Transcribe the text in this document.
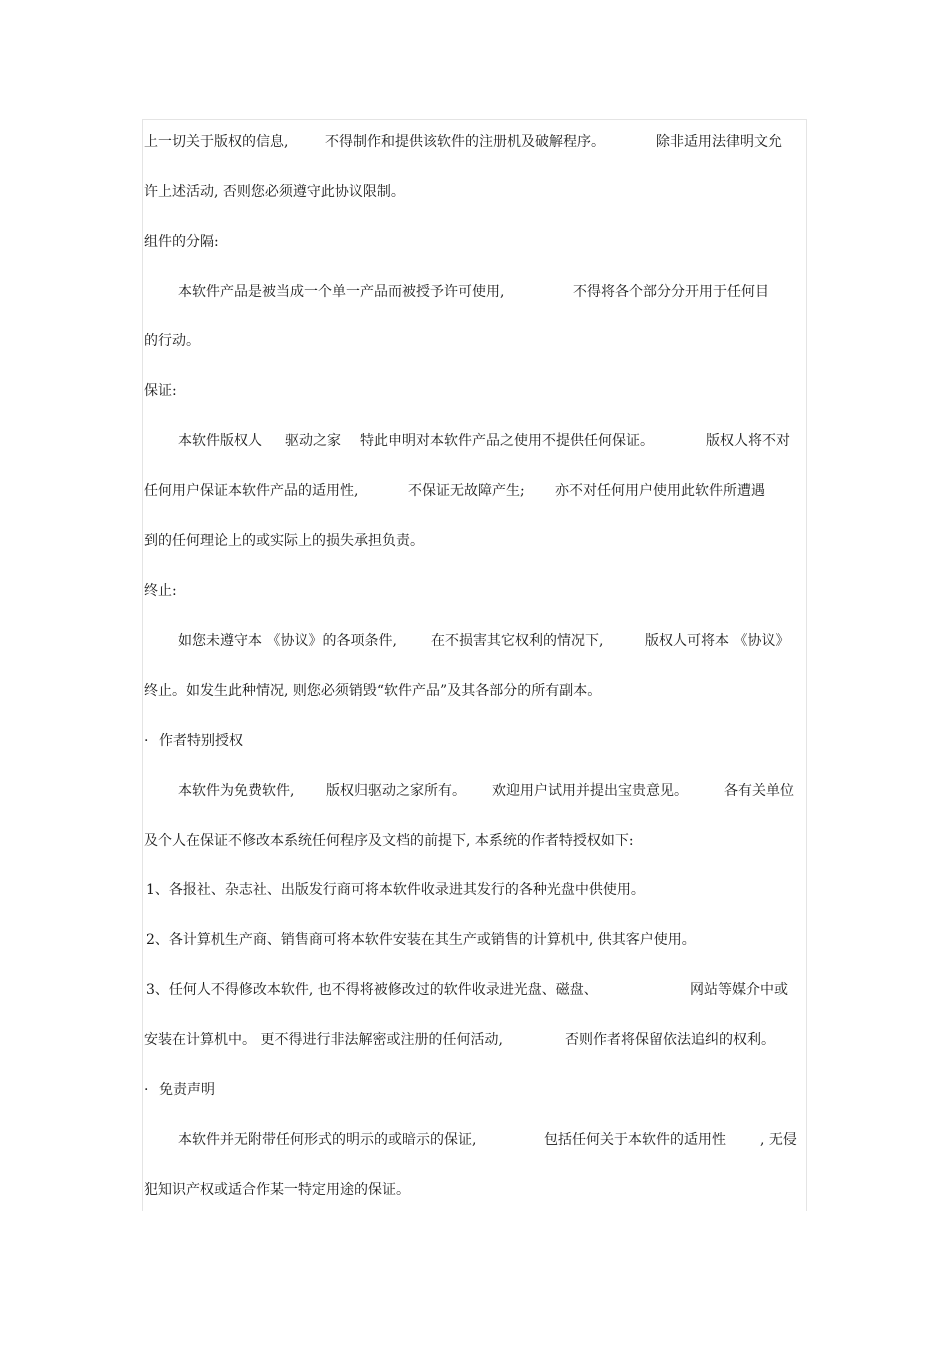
上一切关于版权的信息,	不得制作和提供该软件的注册机及破解程序。	除非适用法律明文允
许上述活动, 否则您必须遵守此协议限制。
组件的分隔:
本软件产品是被当成一个单一产品而被授予许可使用,	不得将各个部分分开用于任何目
的行动。
保证:
本软件版权人 驱动之家 特此申明对本软件产品之使用不提供任何保证。	版权人将不对
任何用户保证本软件产品的适用性,	不保证无故障产生; 亦不对任何用户使用此软件所遭遇
到的任何理论上的或实际上的损失承担负责。
终止:
如您未遵守本 《协议》的各项条件, 在不损害其它权利的情况下,	版权人可将本 《协议》
终止。如发生此种情况, 则您必须销毁“软件产品”及其各部分的所有副本。
· 作者特别授权
本软件为免费软件, 版权归驱动之家所有。 欢迎用户试用并提出宝贵意见。	各有关单位
及个人在保证不修改本系统任何程序及文档的前提下, 本系统的作者特授权如下:
1、各报社、杂志社、出版发行商可将本软件收录进其发行的各种光盘中供使用。
2、各计算机生产商、销售商可将本软件安装在其生产或销售的计算机中, 供其客户使用。
3、任何人不得修改本软件, 也不得将被修改过的软件收录进光盘、磁盘、	网站等媒介中或
安装在计算机中。 更不得进行非法解密或注册的任何活动,	否则作者将保留依法追纠的权利。
· 免责声明
本软件并无附带任何形式的明示的或暗示的保证,	包括任何关于本软件的适用性 , 无侵
犯知识产权或适合作某一特定用途的保证。
